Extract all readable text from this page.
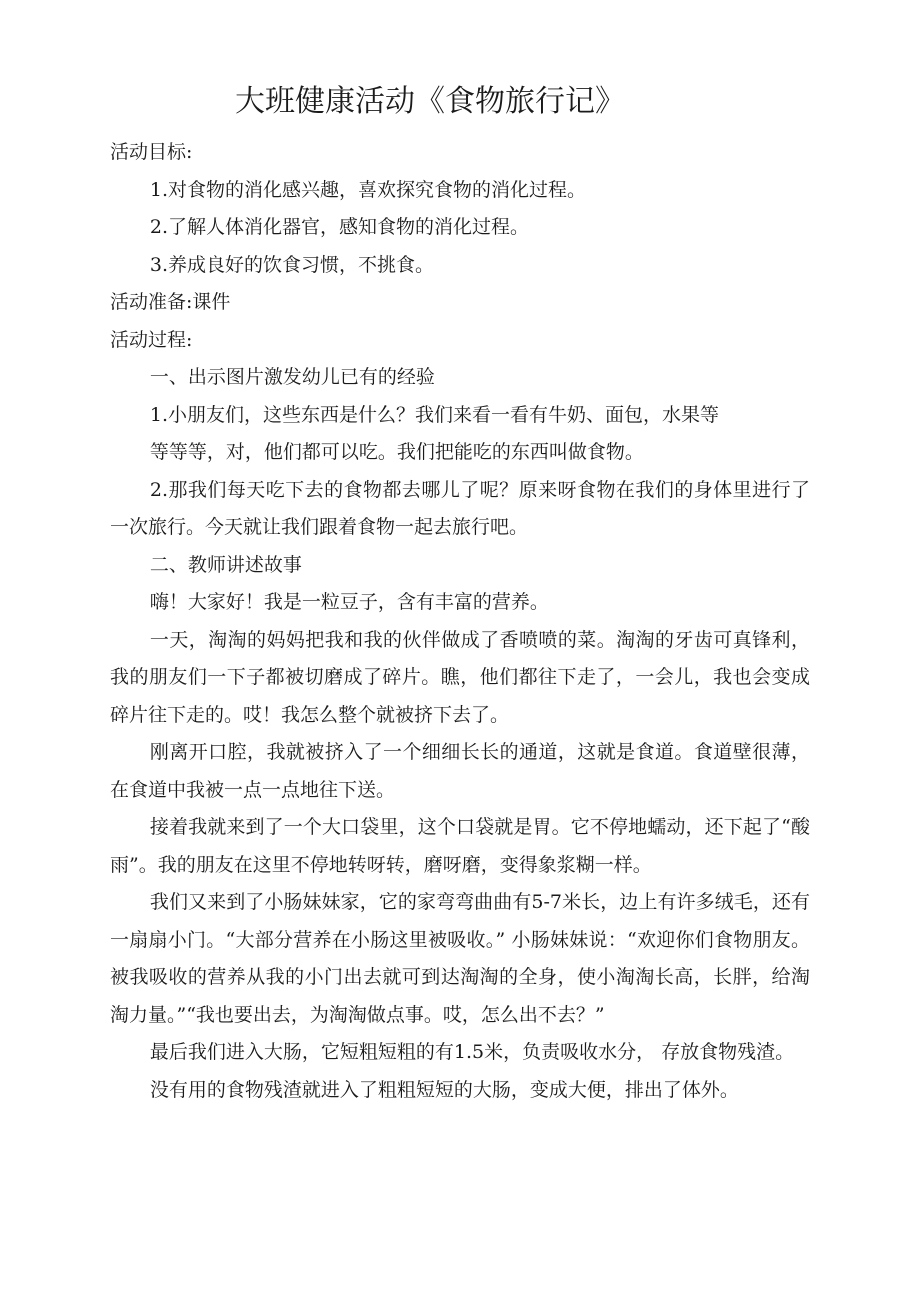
大班健康活动《食物旅行记》

活动目标:

1.对食物的消化感兴趣，喜欢探究食物的消化过程。

2.了解人体消化器官，感知食物的消化过程。

3.养成良好的饮食习惯，不挑食。

活动准备:课件

活动过程:

一、出示图片激发幼儿已有的经验

1.小朋友们，这些东西是什么？我们来看一看有牛奶、面包，水果等

等等等，对，他们都可以吃。我们把能吃的东西叫做食物。

2.那我们每天吃下去的食物都去哪儿了呢？原来呀食物在我们的身体里进行了一次旅行。今天就让我们跟着食物一起去旅行吧。

二、教师讲述故事

嗨！大家好！我是一粒豆子，含有丰富的营养。

一天，淘淘的妈妈把我和我的伙伴做成了香喷喷的菜。淘淘的牙齿可真锋利，我的朋友们一下子都被切磨成了碎片。瞧，他们都往下走了，一会儿，我也会变成碎片往下走的。哎！我怎么整个就被挤下去了。

刚离开口腔，我就被挤入了一个细细长长的通道，这就是食道。食道壁很薄，在食道中我被一点一点地往下送。

接着我就来到了一个大口袋里，这个口袋就是胃。它不停地蠕动，还下起了“酸雨”。我的朋友在这里不停地转呀转，磨呀磨，变得象浆糊一样。

我们又来到了小肠妹妹家，它的家弯弯曲曲有5-7米长，边上有许多绒毛，还有一扇扇小门。“大部分营养在小肠这里被吸收。” 小肠妹妹说：“欢迎你们食物朋友。被我吸收的营养从我的小门出去就可到达淘淘的全身，使小淘淘长高，长胖，给淘淘力量。”“我也要出去，为淘淘做点事。哎，怎么出不去？”

最后我们进入大肠，它短粗短粗的有1.5米，负责吸收水分， 存放食物残渣。

没有用的食物残渣就进入了粗粗短短的大肠，变成大便，排出了体外。
